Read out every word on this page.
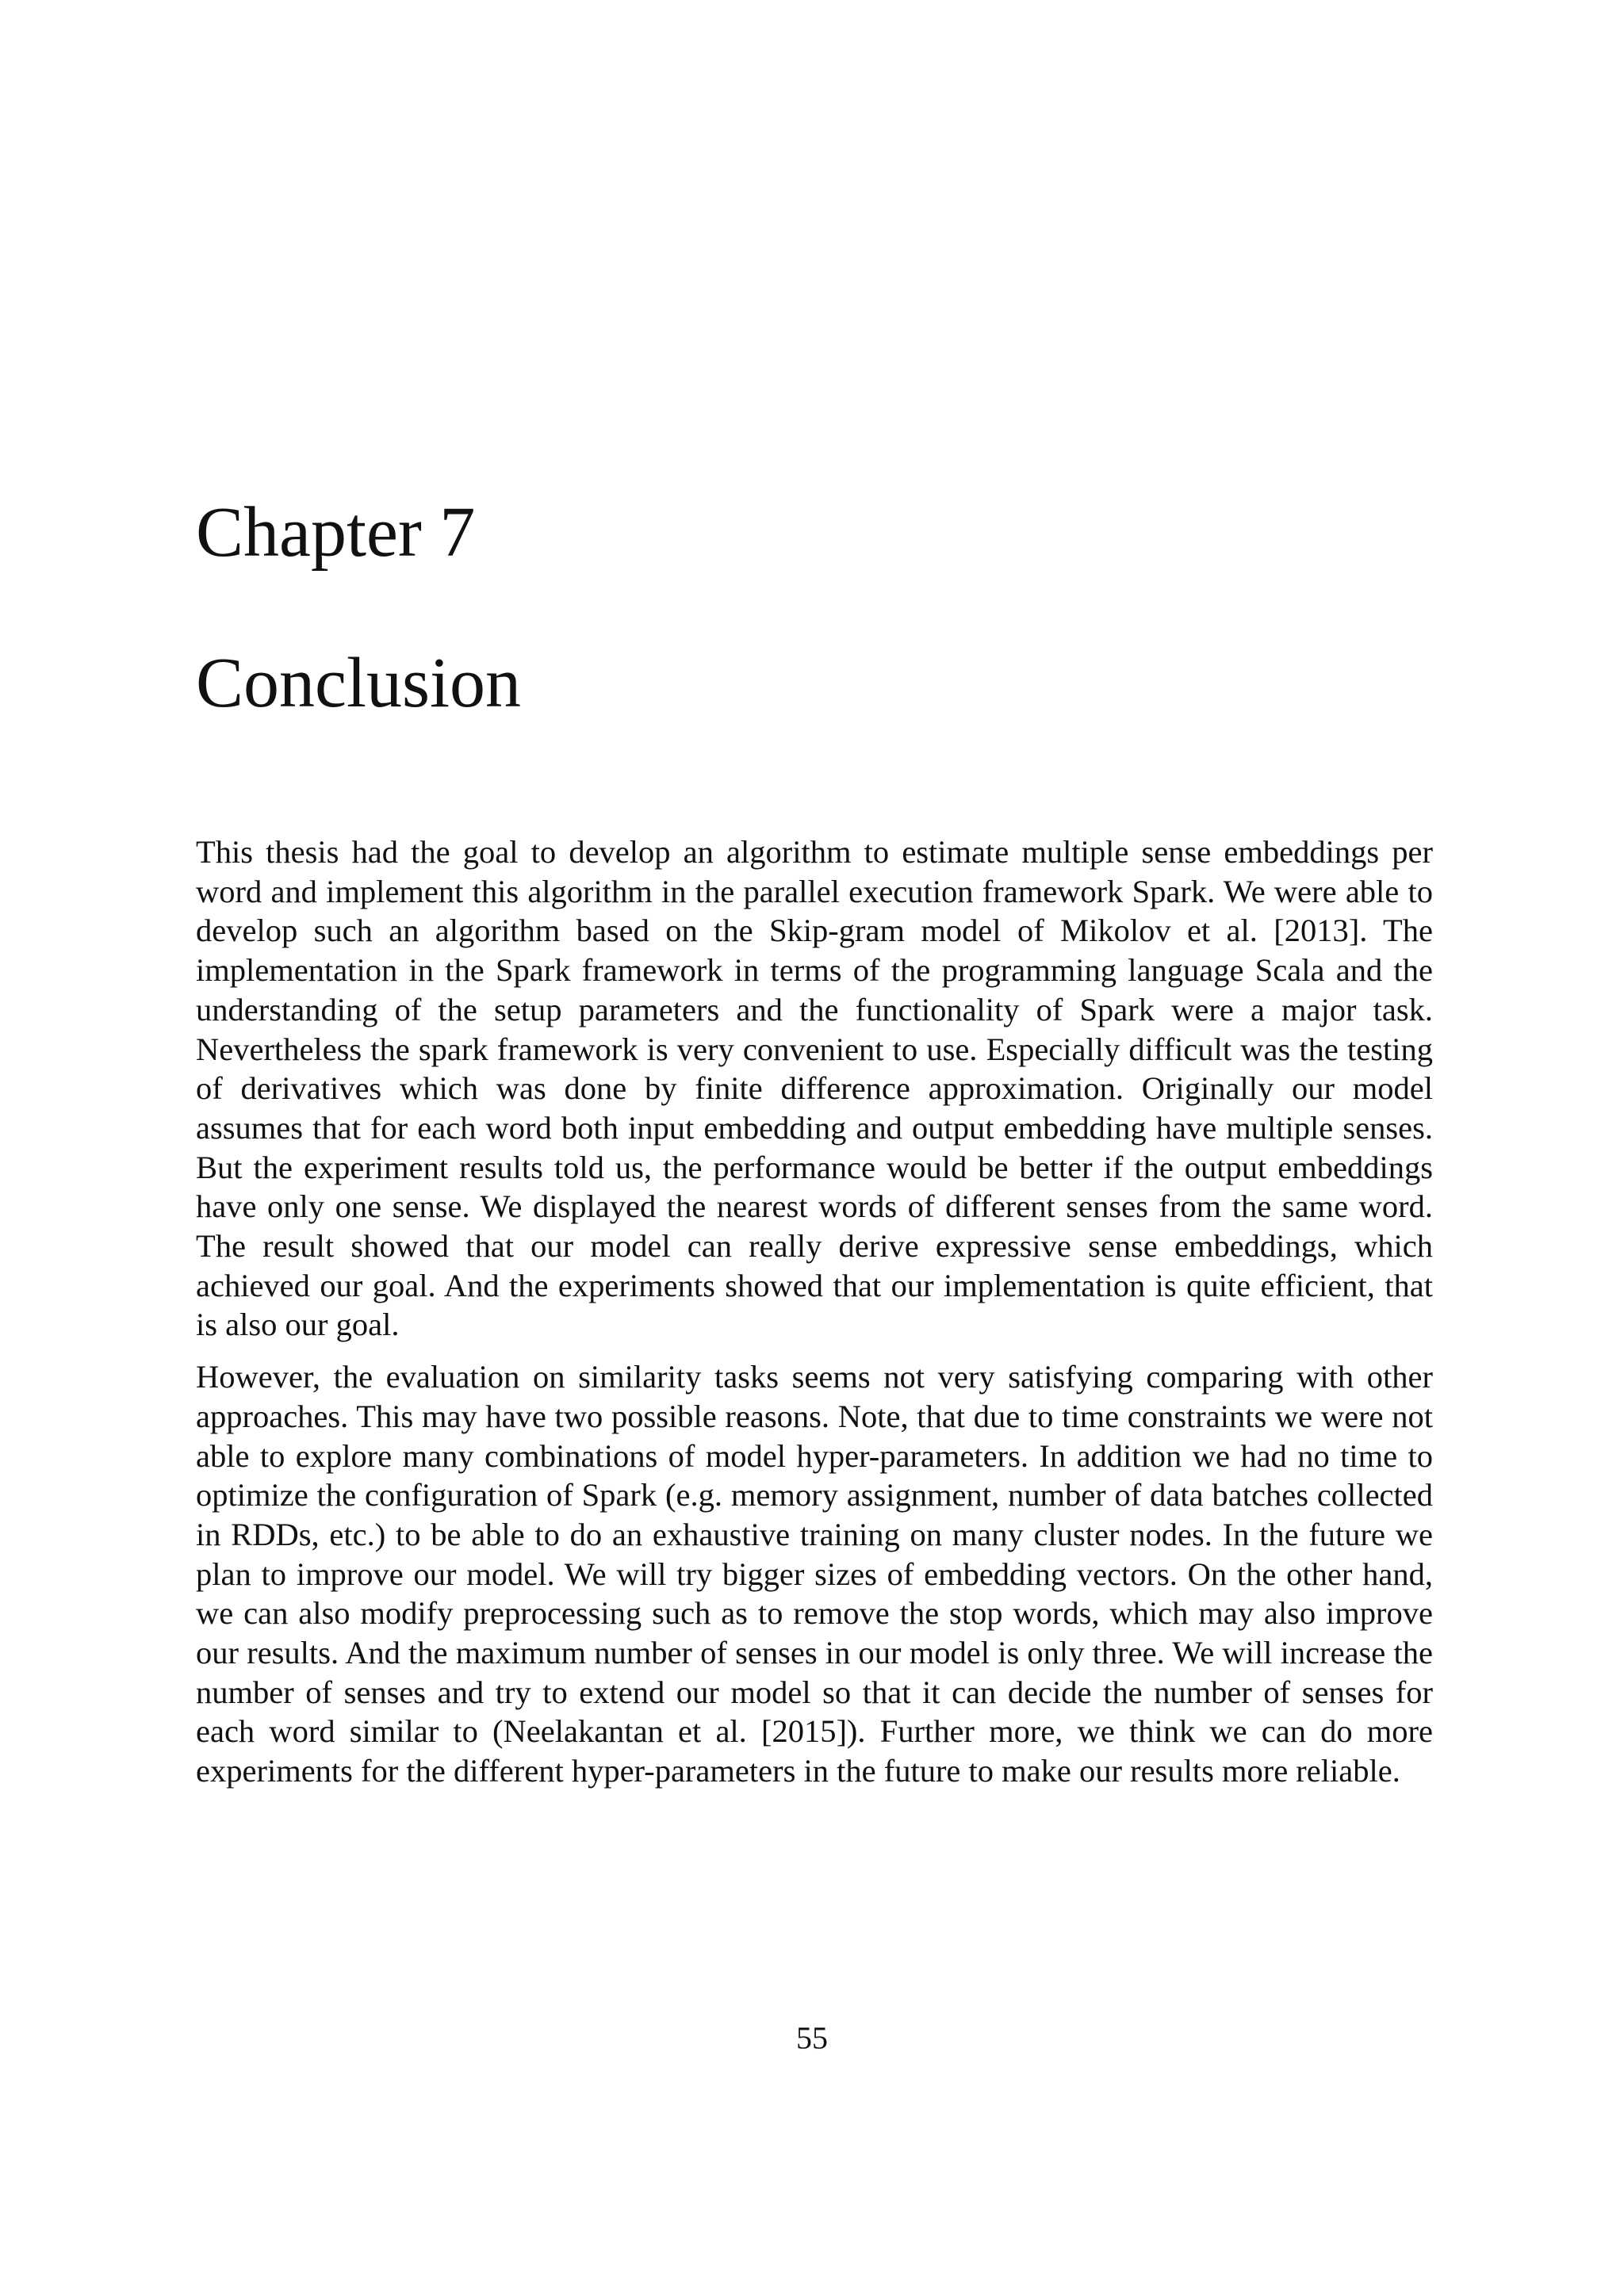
Chapter 7
Conclusion

This thesis had the goal to develop an algorithm to estimate multiple sense embeddings per word and implement this algorithm in the parallel execution framework Spark. We were able to develop such an algorithm based on the Skip-gram model of Mikolov et al. [2013]. The implementation in the Spark framework in terms of the programming language Scala and the understanding of the setup parameters and the functionality of Spark were a major task. Nevertheless the spark framework is very convenient to use. Especially difficult was the testing of derivatives which was done by finite difference approximation. Originally our model assumes that for each word both input embedding and output embedding have multiple senses. But the experiment results told us, the performance would be better if the output embeddings have only one sense. We displayed the nearest words of different senses from the same word. The result showed that our model can really derive expressive sense embeddings, which achieved our goal. And the experiments showed that our implementation is quite efficient, that is also our goal.

However, the evaluation on similarity tasks seems not very satisfying comparing with other approaches. This may have two possible reasons. Note, that due to time constraints we were not able to explore many combinations of model hyper-parameters. In addition we had no time to optimize the configuration of Spark (e.g. memory assignment, number of data batches collected in RDDs, etc.) to be able to do an exhaustive training on many cluster nodes. In the future we plan to improve our model. We will try bigger sizes of embedding vectors. On the other hand, we can also modify preprocessing such as to remove the stop words, which may also improve our results. And the maximum number of senses in our model is only three. We will increase the number of senses and try to extend our model so that it can decide the number of senses for each word similar to (Neelakantan et al. [2015]). Further more, we think we can do more experiments for the different hyper-parameters in the future to make our results more reliable.

55
